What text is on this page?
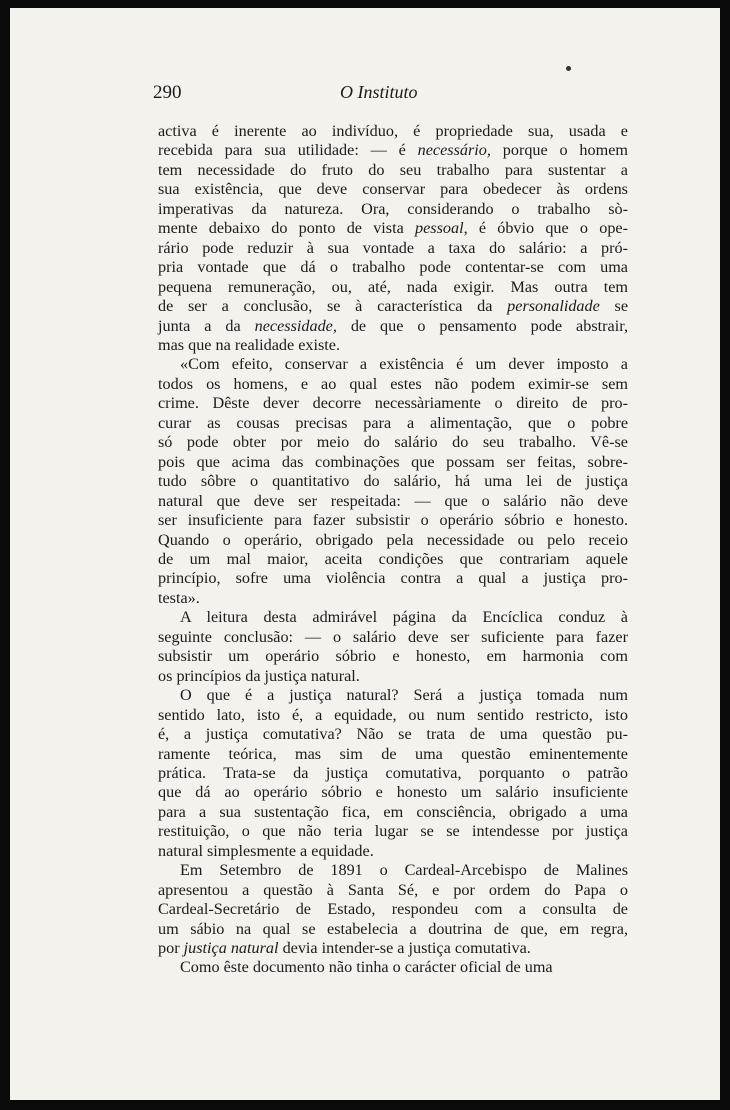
290	O Instituto
activa é inerente ao indivíduo, é propriedade sua, usada e
recebida para sua utilidade: — é necessário, porque o homem
tem necessidade do fruto do seu trabalho para sustentar a
sua existência, que deve conservar para obedecer às ordens
imperativas da natureza. Ora, considerando o trabalho sò-
mente debaixo do ponto de vista pessoal, é óbvio que o ope-
rário pode reduzir à sua vontade a taxa do salário: a pró-
pria vontade que dá o trabalho pode contentar-se com uma
pequena remuneração, ou, até, nada exigir. Mas outra tem
de ser a conclusão, se à característica da personalidade se
junta a da necessidade, de que o pensamento pode abstrair,
mas que na realidade existe.
«Com efeito, conservar a existência é um dever imposto a
todos os homens, e ao qual estes não podem eximir-se sem
crime. Dêste dever decorre necessàriamente o direito de pro-
curar as cousas precisas para a alimentação, que o pobre
só pode obter por meio do salário do seu trabalho. Vê-se
pois que acima das combinações que possam ser feitas, sobre-
tudo sôbre o quantitativo do salário, há uma lei de justiça
natural que deve ser respeitada: — que o salário não deve
ser insuficiente para fazer subsistir o operário sóbrio e honesto.
Quando o operário, obrigado pela necessidade ou pelo receio
de um mal maior, aceita condições que contrariam aquele
princípio, sofre uma violência contra a qual a justiça pro-
testa».
A leitura desta admirável página da Encíclica conduz à
seguinte conclusão: — o salário deve ser suficiente para fazer
subsistir um operário sóbrio e honesto, em harmonia com
os princípios da justiça natural.
O que é a justiça natural? Será a justiça tomada num
sentido lato, isto é, a equidade, ou num sentido restricto, isto
é, a justiça comutativa? Não se trata de uma questão pu-
ramente teórica, mas sim de uma questão eminentemente
prática. Trata-se da justiça comutativa, porquanto o patrão
que dá ao operário sóbrio e honesto um salário insuficiente
para a sua sustentação fica, em consciência, obrigado a uma
restituição, o que não teria lugar se se intendesse por justiça
natural simplesmente a equidade.
Em Setembro de 1891 o Cardeal-Arcebispo de Malines
apresentou a questão à Santa Sé, e por ordem do Papa o
Cardeal-Secretário de Estado, respondeu com a consulta de
um sábio na qual se estabelecia a doutrina de que, em regra,
por justiça natural devia intender-se a justiça comutativa.
Como êste documento não tinha o carácter oficial de uma
